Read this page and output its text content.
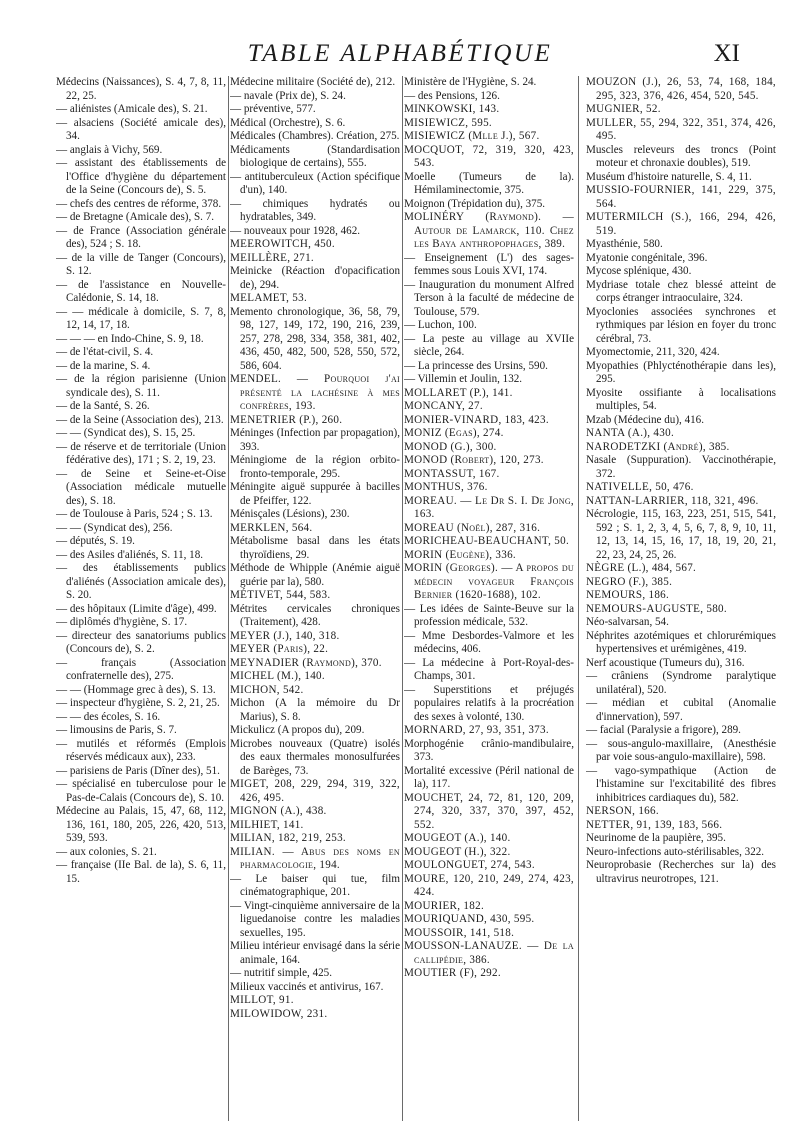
TABLE ALPHABÉTIQUE	XI
Médecins (Naissances), S. 4, 7, 8, 11, 22, 25.
— aliénistes (Amicale des), S. 21.
— alsaciens (Société amicale des), 34.
— anglais à Vichy, 569.
— assistant des établissements de l'Office d'hygiène du département de la Seine (Concours de), S. 5.
— chefs des centres de réforme, 378.
— de Bretagne (Amicale des), S. 7.
— de France (Association générale des), 524 ; S. 18.
— de la ville de Tanger (Concours), S. 12.
— de l'assistance en Nouvelle-Calédonie, S. 14, 18.
— — médicale à domicile, S. 7, 8, 12, 14, 17, 18.
— — — en Indo-Chine, S. 9, 18.
— de l'état-civil, S. 4.
— de la marine, S. 4.
— de la région parisienne (Union syndicale des), S. 11.
— de la Santé, S. 26.
— de la Seine (Association des), 213.
— — (Syndicat des), S. 15, 25.
— de réserve et de territoriale (Union fédérative des), 171 ; S. 2, 19, 23.
— de Seine et Seine-et-Oise (Association médicale mutuelle des), S. 18.
— de Toulouse à Paris, 524 ; S. 13.
— — (Syndicat des), 256.
— députés, S. 19.
— des Asiles d'aliénés, S. 11, 18.
— des établissements publics d'aliénés (Association amicale des), S. 20.
— des hôpitaux (Limite d'âge), 499.
— diplômés d'hygiène, S. 17.
— directeur des sanatoriums publics (Concours de), S. 2.
— français (Association confraternelle des), 275.
— — (Hommage grec à des), S. 13.
— inspecteur d'hygiène, S. 2, 21, 25.
— — des écoles, S. 16.
— limousins de Paris, S. 7.
— mutilés et réformés (Emplois réservés médicaux aux), 233.
— parisiens de Paris (Dîner des), 51.
— spécialisé en tuberculose pour le Pas-de-Calais (Concours de), S. 10.
Médecine au Palais, 15, 47, 68, 112, 136, 161, 180, 205, 226, 420, 513, 539, 593.
— aux colonies, S. 21.
— française (IIe Bal. de la), S. 6, 11, 15.
Médecine militaire (Société de), 212.
— navale (Prix de), S. 24.
— préventive, 577.
Médical (Orchestre), S. 6.
Médicales (Chambres). Création, 275.
Médicaments (Standardisation biologique de certains), 555.
— antituberculeux (Action spécifique d'un), 140.
— chimiques hydratés ou hydratables, 349.
— nouveaux pour 1928, 462.
MEEROWITCH, 450.
MEILLÈRE, 271.
Meinicke (Réaction d'opacification de), 294.
MELAMET, 53.
Memento chronologique, 36, 58, 79, 98, 127, 149, 172, 190, 216, 239, 257, 278, 298, 334, 358, 381, 402, 436, 450, 482, 500, 528, 550, 572, 586, 604.
MENDEL. — Pourquoi j'ai présenté la lachésine à mes confrères, 193.
MENETRIER (P.), 260.
Méninges (Infection par propagation), 393.
Méningiome de la région orbito-fronto-temporale, 295.
Méningite aiguë suppurée à bacilles de Pfeiffer, 122.
Ménisçales (Lésions), 230.
MERKLEN, 564.
Métabolisme basal dans les états thyroïdiens, 29.
Méthode de Whipple (Anémie aiguë guérie par la), 580.
MÉTIVET, 544, 583.
Métrites cervicales chroniques (Traitement), 428.
MEYER (J.), 140, 318.
MEYER (Paris), 22.
MEYNADIER (Raymond), 370.
MICHEL (M.), 140.
MICHON, 542.
Michon (A la mémoire du Dr Marius), S. 8.
Mickulicz (A propos du), 209.
Microbes nouveaux (Quatre) isolés des eaux thermales monosulfurées de Barèges, 73.
MIGET, 208, 229, 294, 319, 322, 426, 495.
MIGNON (A.), 438.
MILHIET, 141.
MILIAN, 182, 219, 253.
MILIAN. — Abus des noms en pharmacologie, 194.
— Le baiser qui tue, film cinématographique, 201.
— Vingt-cinquième anniversaire de la liguedanoise contre les maladies sexuelles, 195.
Milieu intérieur envisagé dans la série animale, 164.
— nutritif simple, 425.
Milieux vaccinés et antivirus, 167.
MILLOT, 91.
MILOWIDOW, 231.
Ministère de l'Hygiène, S. 24.
— des Pensions, 126.
MINKOWSKI, 143.
MISIEWICZ, 595.
MISIEWICZ (Mlle J.), 567.
MOCQUOT, 72, 319, 320, 423, 543.
Moelle (Tumeurs de la). Hémilaminectomie, 375.
Moignon (Trépidation du), 375.
MOLINÉRY (Raymond). — Autour de Lamarck, 110. Chez les Baya anthropophages, 389.
— Enseignement (L') des sages-femmes sous Louis XVI, 174.
— Inauguration du monument Alfred Terson à la faculté de médecine de Toulouse, 579.
— Luchon, 100.
— La peste au village au XVIIe siècle, 264.
— La princesse des Ursins, 590.
— Villemin et Joulin, 132.
MOLLARET (P.), 141.
MONCANY, 27.
MONIER-VINARD, 183, 423.
MONIZ (Egas), 274.
MONOD (G.), 300.
MONOD (Robert), 120, 273.
MONTASSUT, 167.
MONTHUS, 376.
MOREAU. — Le Dr S. I. De Jong, 163.
MOREAU (Noël), 287, 316.
MORICHEAU-BEAUCHANT, 50.
MORIN (Eugène), 336.
MORIN (Georges). — A propos du médecin voyageur François Bernier (1620-1688), 102.
— Les idées de Sainte-Beuve sur la profession médicale, 532.
— Mme Desbordes-Valmore et les médecins, 406.
— La médecine à Port-Royal-des-Champs, 301.
— Superstitions et préjugés populaires relatifs à la procréation des sexes à volonté, 130.
MORNARD, 27, 93, 351, 373.
Morphogénie crânio-mandibulaire, 373.
Mortalité excessive (Péril national de la), 117.
MOUCHET, 24, 72, 81, 120, 209, 274, 320, 337, 370, 397, 452, 552.
MOUGEOT (A.), 140.
MOUGEOT (H.), 322.
MOULONGUET, 274, 543.
MOURE, 120, 210, 249, 274, 423, 424.
MOURIER, 182.
MOURIQUAND, 430, 595.
MOUSSOIR, 141, 518.
MOUSSON-LANAUZE. — De la callipédie, 386.
MOUTIER (F), 292.
MOUZON (J.), 26, 53, 74, 168, 184, 295, 323, 376, 426, 454, 520, 545.
MUGNIER, 52.
MULLER, 55, 294, 322, 351, 374, 426, 495.
Muscles releveurs des troncs (Point moteur et chronaxie doubles), 519.
Muséum d'histoire naturelle, S. 4, 11.
MUSSIO-FOURNIER, 141, 229, 375, 564.
MUTERMILCH (S.), 166, 294, 426, 519.
Myasthénie, 580.
Myatonie congénitale, 396.
Mycose splénique, 430.
Mydriase totale chez blessé atteint de corps étranger intraoculaire, 324.
Myoclonies associées synchrones et rythmiques par lésion en foyer du tronc cérébral, 73.
Myomectomie, 211, 320, 424.
Myopathies (Phlycténothérapie dans les), 295.
Myosite ossifiante à localisations multiples, 54.
Mzab (Médecine du), 416.
NANTA (A.), 430.
NARODETZKI (André), 385.
Nasale (Suppuration). Vaccinothérapie, 372.
NATIVELLE, 50, 476.
NATTAN-LARRIER, 118, 321, 496.
Nécrologie, 115, 163, 223, 251, 515, 541, 592 ; S. 1, 2, 3, 4, 5, 6, 7, 8, 9, 10, 11, 12, 13, 14, 15, 16, 17, 18, 19, 20, 21, 22, 23, 24, 25, 26.
NÈGRE (L.), 484, 567.
NEGRO (F.), 385.
NEMOURS, 186.
NEMOURS-AUGUSTE, 580.
Néo-salvarsan, 54.
Néphrites azotémiques et chlorurémiques hypertensives et urémigènes, 419.
Nerf acoustique (Tumeurs du), 316.
— crâniens (Syndrome paralytique unilatéral), 520.
— médian et cubital (Anomalie d'innervation), 597.
— facial (Paralysie a frigore), 289.
— sous-angulo-maxillaire, (Anesthésie par voie sous-angulo-maxillaire), 598.
— vago-sympathique (Action de l'histamine sur l'excitabilité des fibres inhibitrices cardiaques du), 582.
NERSON, 166.
NETTER, 91, 139, 183, 566.
Neurinome de la paupière, 395.
Neuro-infections auto-stérilisables, 322.
Neuroprobasie (Recherches sur la) des ultravirus neurotropes, 121.
